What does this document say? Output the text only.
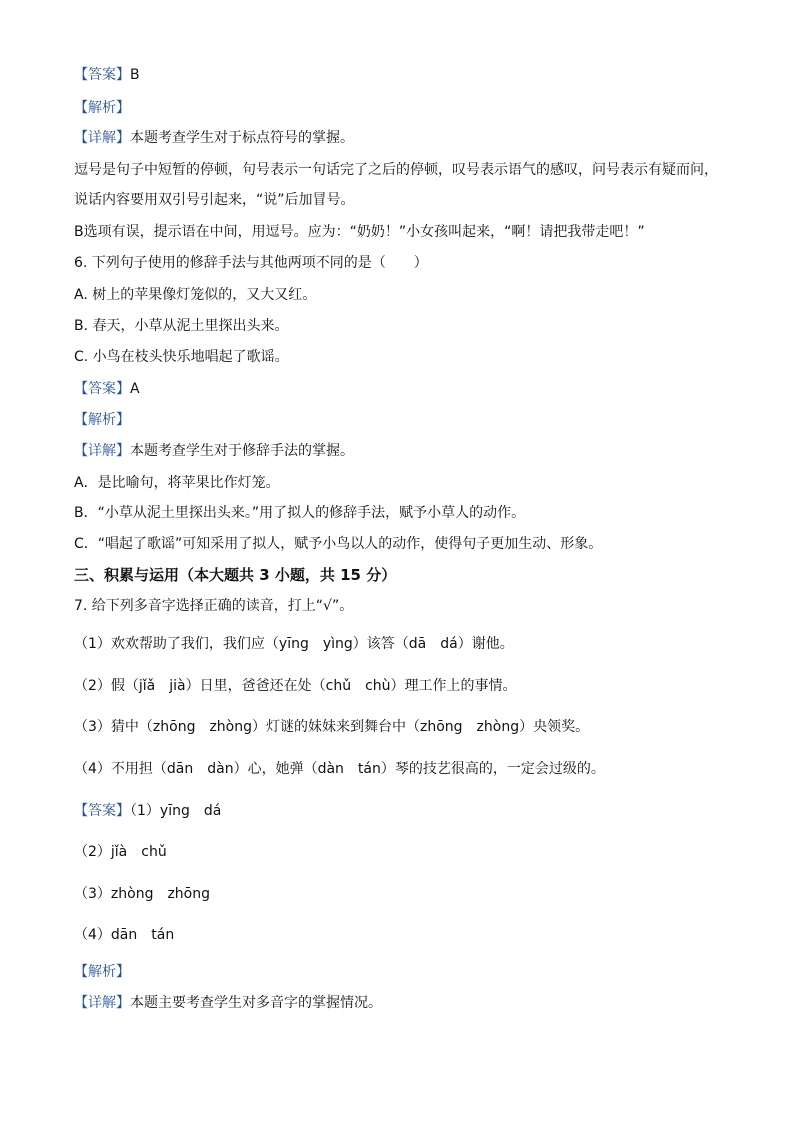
【答案】B
【解析】
【详解】本题考查学生对于标点符号的掌握。
逗号是句子中短暂的停顿，句号表示一句话完了之后的停顿，叹号表示语气的感叹，问号表示有疑而问，
说话内容要用双引号引起来，“说”后加冒号。
B选项有误，提示语在中间，用逗号。应为：“奶奶！”小女孩叫起来，“啊！请把我带走吧！”
6. 下列句子使用的修辞手法与其他两项不同的是（　　）
A. 树上的苹果像灯笼似的，又大又红。
B. 春天，小草从泥土里探出头来。
C. 小鸟在枝头快乐地唱起了歌谣。
【答案】A
【解析】
【详解】本题考查学生对于修辞手法的掌握。
A．是比喻句，将苹果比作灯笼。
B．“小草从泥土里探出头来。”用了拟人的修辞手法，赋予小草人的动作。
C．“唱起了歌谣”可知采用了拟人，赋予小鸟以人的动作，使得句子更加生动、形象。
三、积累与运用（本大题共 3 小题，共 15 分）
7. 给下列多音字选择正确的读音，打上“√”。
（1）欢欢帮助了我们，我们应（yīng　yìng）该答（dā　dá）谢他。
（2）假（jǐǎ　jià）日里，爸爸还在处（chǔ　chù）理工作上的事情。
（3）猜中（zhōng　zhòng）灯谜的妹妹来到舞台中（zhōng　zhòng）央领奖。
（4）不用担（dān　dàn）心，她弹（dàn　tán）琴的技艺很高的，一定会过级的。
【答案】（1）yīng　dá
（2）jǐà　chǔ
（3）zhòng　zhōng
（4）dān　tán
【解析】
【详解】本题主要考查学生对多音字的掌握情况。
